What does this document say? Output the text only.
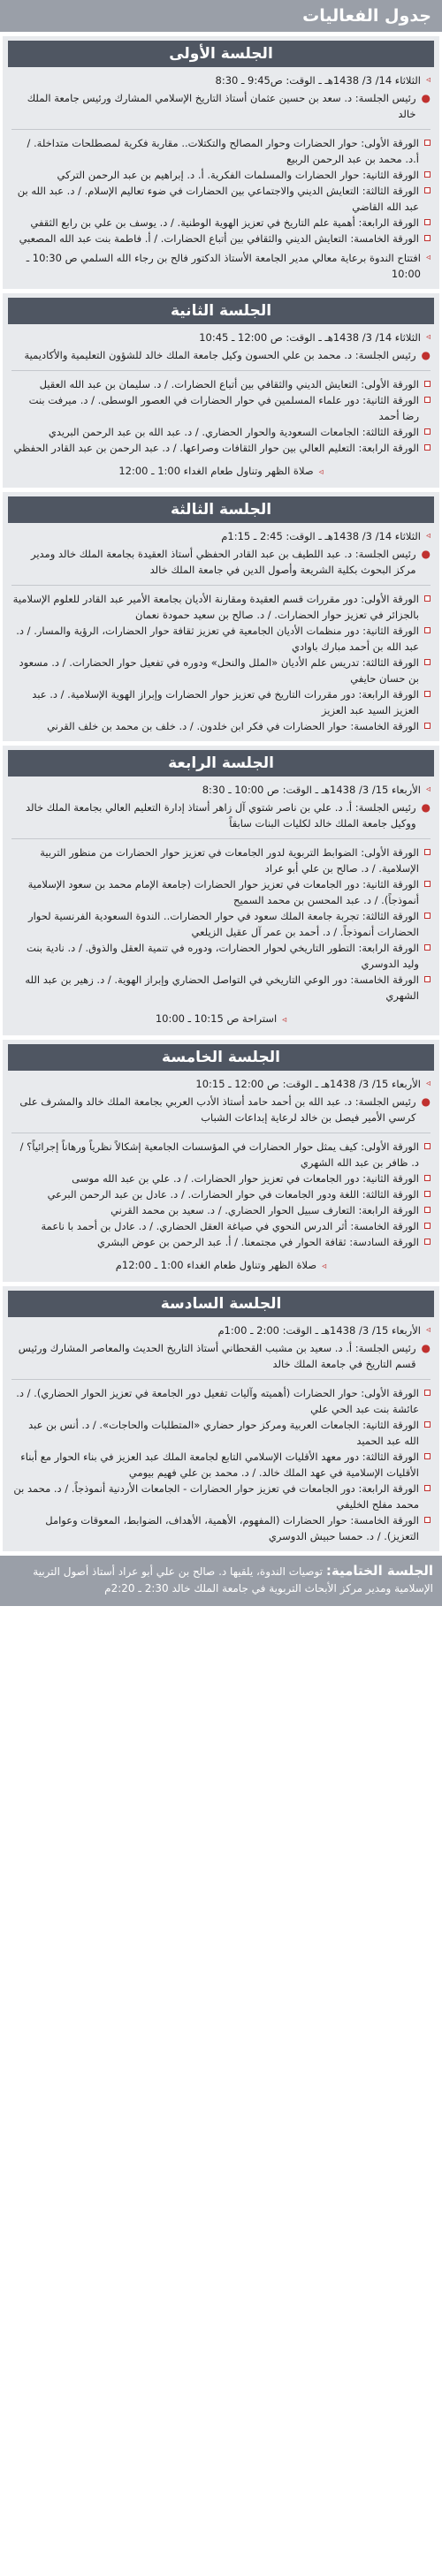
جدول الفعاليات
الجلسة الأولى
◃
الثلاثاء 14/ 3/ 1438هـ ـ الوقت: ص9:45 ـ 8:30
●
رئيس الجلسة: د. سعد بن حسين عثمان أستاذ التاريخ الإسلامي المشارك ورئيس جامعة الملك خالد
الورقة الأولى: حوار الحضارات وحوار المصالح والتكتلات.. مقاربة فكرية لمصطلحات متداخلة. / أ.د. محمد بن عبد الرحمن الربيع
الورقة الثانية: حوار الحضارات والمسلمات الفكرية. أ. د. إبراهيم بن عبد الرحمن التركي
الورقة الثالثة: التعايش الديني والاجتماعي بين الحضارات في ضوء تعاليم الإسلام. / د. عبد الله بن عبد الله القاضي
الورقة الرابعة: أهمية علم التاريخ في تعزيز الهوية الوطنية. / د. يوسف بن علي بن رابع الثقفي
الورقة الخامسة: التعايش الديني والثقافي بين أتباع الحضارات. / أ. فاطمة بنت عبد الله المصعبي
◃
افتتاح الندوة برعاية معالي مدير الجامعة الأستاذ الدكتور فالح بن رجاء الله السلمي ص 10:30 ـ 10:00
الجلسة الثانية
◃
الثلاثاء 14/ 3/ 1438هـ ـ الوقت: ص 12:00 ـ 10:45
●
رئيس الجلسة: د. محمد بن علي الحسون وكيل جامعة الملك خالد للشؤون التعليمية والأكاديمية
الورقة الأولى: التعايش الديني والثقافي بين أتباع الحضارات. / د. سليمان بن عبد الله العقيل
الورقة الثانية: دور علماء المسلمين في حوار الحضارات في العصور الوسطى. / د. ميرفت بنت رضا أحمد
الورقة الثالثة: الجامعات السعودية والحوار الحضاري. / د. عبد الله بن عبد الرحمن البريدي
الورقة الرابعة: التعليم العالي بين حوار الثقافات وصراعها. / د. عبد الرحمن بن عبد القادر الحفظي
◃صلاة الظهر وتناول طعام الغداء 1:00 ـ 12:00
الجلسة الثالثة
◃
الثلاثاء 14/ 3/ 1438هـ ـ الوقت: 2:45 ـ 1:15م
●
رئيس الجلسة: د. عبد اللطيف بن عبد القادر الحفظي أستاذ العقيدة بجامعة الملك خالد ومدير مركز البحوث بكلية الشريعة وأصول الدين في جامعة الملك خالد
الورقة الأولى: دور مقررات قسم العقيدة ومقارنة الأديان بجامعة الأمير عبد القادر للعلوم الإسلامية بالجزائر في تعزيز حوار الحضارات. / د. صالح بن سعيد حمودة نعمان
الورقة الثانية: دور منظمات الأديان الجامعية في تعزيز ثقافة حوار الحضارات، الرؤية والمسار. / د. عبد الله بن أحمد مبارك باوادي
الورقة الثالثة: تدريس علم الأديان «الملل والنحل» ودوره في تفعيل حوار الحضارات. / د. مسعود بن حسان حايفي
الورقة الرابعة: دور مقررات التاريخ في تعزيز حوار الحضارات وإبراز الهوية الإسلامية. / د. عبد العزيز السيد عبد العزيز
الورقة الخامسة: حوار الحضارات في فكر ابن خلدون. / د. خلف بن محمد بن خلف القرني
الجلسة الرابعة
◃
الأربعاء 15/ 3/ 1438هـ ـ الوقت: ص 10:00 ـ 8:30
●
رئيس الجلسة: أ. د. علي بن ناصر شتوي آل زاهر أستاذ إدارة التعليم العالي بجامعة الملك خالد ووكيل جامعة الملك خالد لكليات البنات سابقاً
الورقة الأولى: الضوابط التربوية لدور الجامعات في تعزيز حوار الحضارات من منظور التربية الإسلامية. / د. صالح بن علي أبو عراد
الورقة الثانية: دور الجامعات في تعزيز حوار الحضارات (جامعة الإمام محمد بن سعود الإسلامية أنموذجاً). / د. عبد المحسن بن محمد السميح
الورقة الثالثة: تجربة جامعة الملك سعود في حوار الحضارات.. الندوة السعودية الفرنسية لحوار الحضارات أنموذجاً. / د. أحمد بن عمر آل عقيل الزيلعي
الورقة الرابعة: التطور التاريخي لحوار الحضارات، ودوره في تنمية العقل والذوق. / د. نادية بنت وليد الدوسري
الورقة الخامسة: دور الوعي التاريخي في التواصل الحضاري وإبراز الهوية. / د. زهير بن عبد الله الشهري
◃استراحة ص 10:15 ـ 10:00
الجلسة الخامسة
◃
الأربعاء 15/ 3/ 1438هـ ـ الوقت: ص 12:00 ـ 10:15
●
رئيس الجلسة: د. عبد الله بن أحمد حامد أستاذ الأدب العربي بجامعة الملك خالد والمشرف على كرسي الأمير فيصل بن خالد لرعاية إبداعات الشباب
الورقة الأولى: كيف يمثل حوار الحضارات في المؤسسات الجامعية إشكالاً نظرياً ورهاناً إجرائياً؟ / د. ظافر بن عبد الله الشهري
الورقة الثانية: دور الجامعات في تعزيز حوار الحضارات. / د. علي بن عبد الله موسى
الورقة الثالثة: اللغة ودور الجامعات في حوار الحضارات. / د. عادل بن عبد الرحمن البرعي
الورقة الرابعة: التعارف سبيل الحوار الحضاري. / د. سعيد بن محمد القرني
الورقة الخامسة: أثر الدرس النحوي في صياغة العقل الحضاري. / د. عادل بن أحمد با ناعمة
الورقة السادسة: ثقافة الحوار في مجتمعنا. / أ. عبد الرحمن بن عوض البشري
◃صلاة الظهر وتناول طعام الغداء 1:00 ـ 12:00م
الجلسة السادسة
◃
الأربعاء 15/ 3/ 1438هـ ـ الوقت: 2:00 ـ 1:00م
●
رئيس الجلسة: أ. د. سعيد بن مشبب القحطاني أستاذ التاريخ الحديث والمعاصر المشارك ورئيس قسم التاريخ في جامعة الملك خالد
الورقة الأولى: حوار الحضارات (أهميته وآليات تفعيل دور الجامعة في تعزيز الحوار الحضاري). / د. عائشة بنت عبد الحي علي
الورقة الثانية: الجامعات العربية ومركز حوار حضاري «المتطلبات والحاجات». / د. أنس بن عبد الله عبد الحميد
الورقة الثالثة: دور معهد الأقليات الإسلامي التابع لجامعة الملك عبد العزيز في بناء الحوار مع أبناء الأقليات الإسلامية في عهد الملك خالد. / د. محمد بن علي فهيم بيومي
الورقة الرابعة: دور الجامعات في تعزيز حوار الحضارات - الجامعات الأردنية أنموذجاً. / د. محمد بن محمد مفلح الخليفي
الورقة الخامسة: حوار الحضارات (المفهوم، الأهمية، الأهداف، الضوابط، المعوقات وعوامل التعزيز). / د. حمسا حبيش الدوسري
الجلسة الختامية: توصيات الندوة، يلقيها د. صالح بن علي أبو عراد أستاذ أصول التربية الإسلامية ومدير مركز الأبحاث التربوية في جامعة الملك خالد 2:30 ـ 2:20م
